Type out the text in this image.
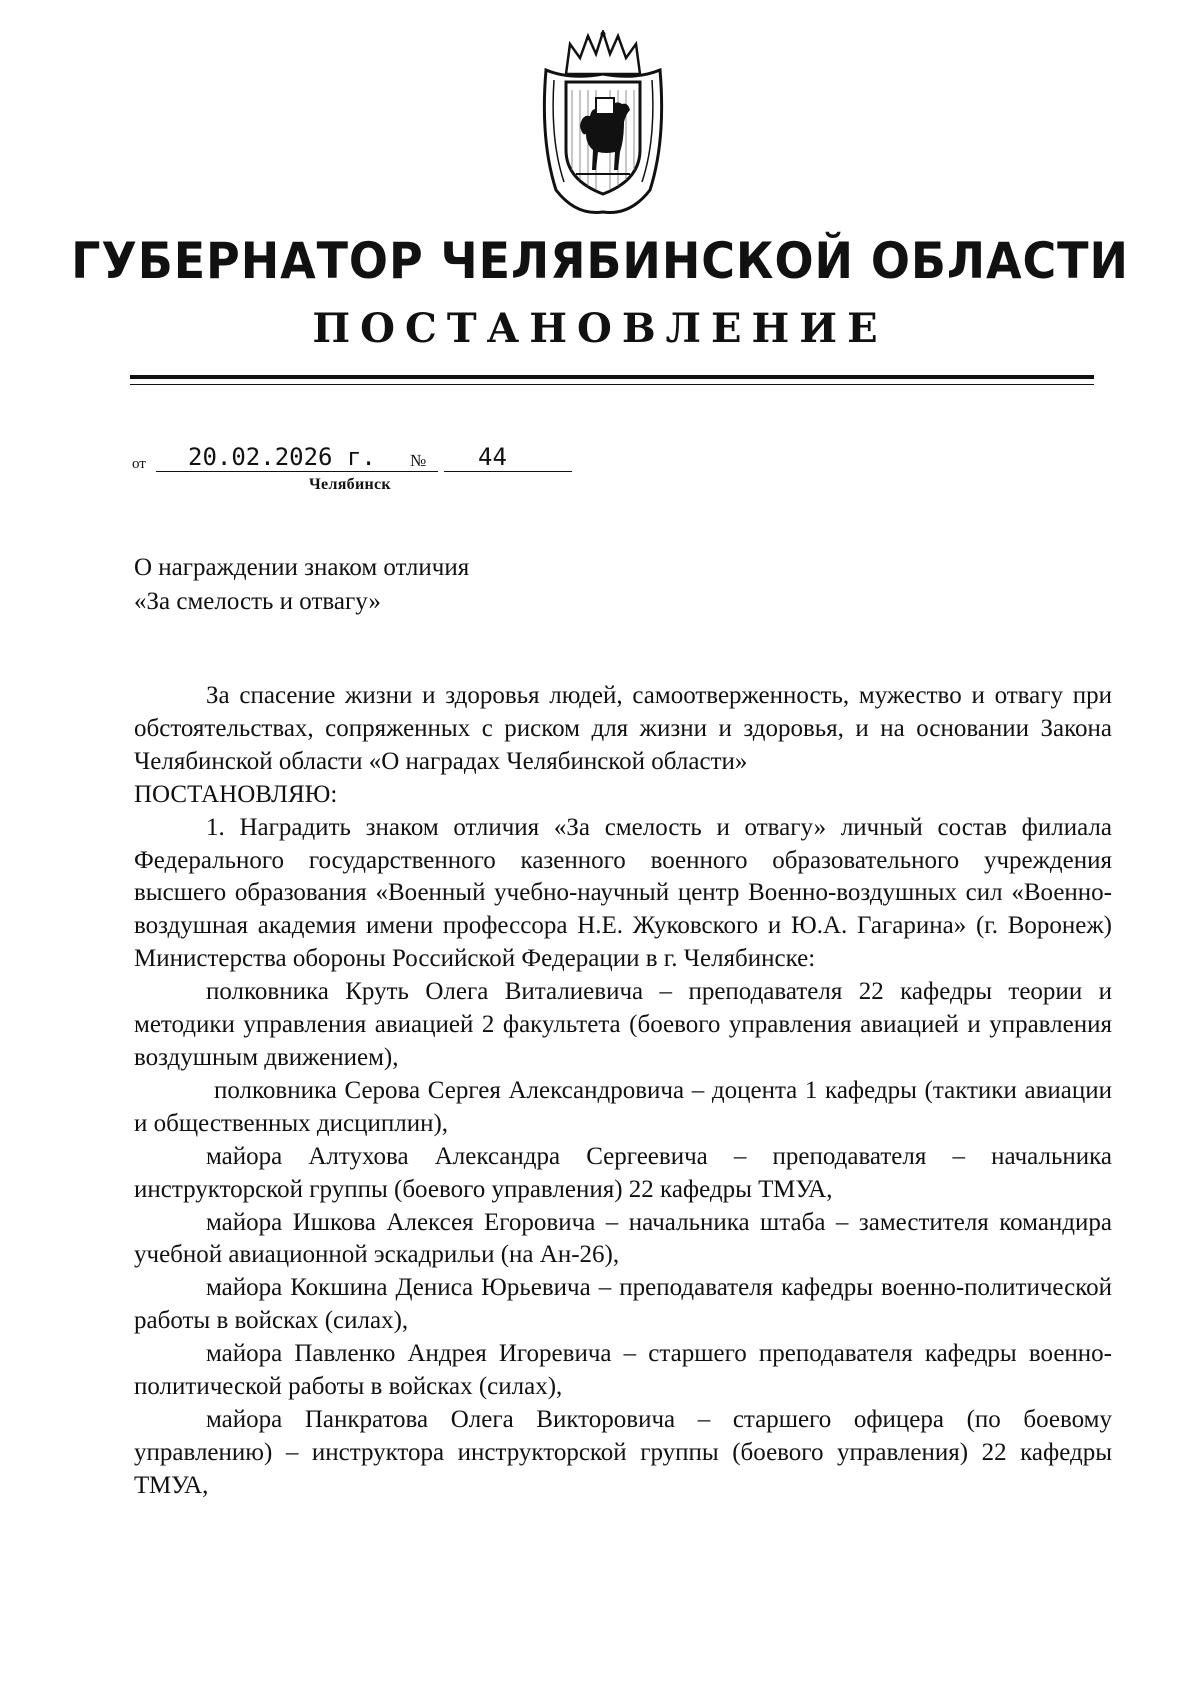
ГУБЕРНАТОР ЧЕЛЯБИНСКОЙ ОБЛАСТИ
ПОСТАНОВЛЕНИЕ
от 20.02.2026 г. № 44
Челябинск
О награждении знаком отличия
«За смелость и отвагу»

За спасение жизни и здоровья людей, самоотверженность, мужество и отвагу при обстоятельствах, сопряженных с риском для жизни и здоровья, и на основании Закона Челябинской области «О наградах Челябинской области»

ПОСТАНОВЛЯЮ:

1. Наградить знаком отличия «За смелость и отвагу» личный состав филиала Федерального государственного казенного военного образовательного учреждения высшего образования «Военный учебно-научный центр Военно-воздушных сил «Военно-воздушная академия имени профессора Н.Е. Жуковского и Ю.А. Гагарина» (г. Воронеж) Министерства обороны Российской Федерации в г. Челябинске:

полковника Круть Олега Виталиевича – преподавателя 22 кафедры теории и методики управления авиацией 2 факультета (боевого управления авиацией и управления воздушным движением),

полковника Серова Сергея Александровича – доцента 1 кафедры (тактики авиации и общественных дисциплин),

майора Алтухова Александра Сергеевича – преподавателя – начальника инструкторской группы (боевого управления) 22 кафедры ТМУА,

майора Ишкова Алексея Егоровича – начальника штаба – заместителя командира учебной авиационной эскадрильи (на Ан-26),

майора Кокшина Дениса Юрьевича – преподавателя кафедры военно-политической работы в войсках (силах),

майора Павленко Андрея Игоревича – старшего преподавателя кафедры военно-политической работы в войсках (силах),

майора Панкратова Олега Викторовича – старшего офицера (по боевому управлению) – инструктора инструкторской группы (боевого управления) 22 кафедры ТМУА,
